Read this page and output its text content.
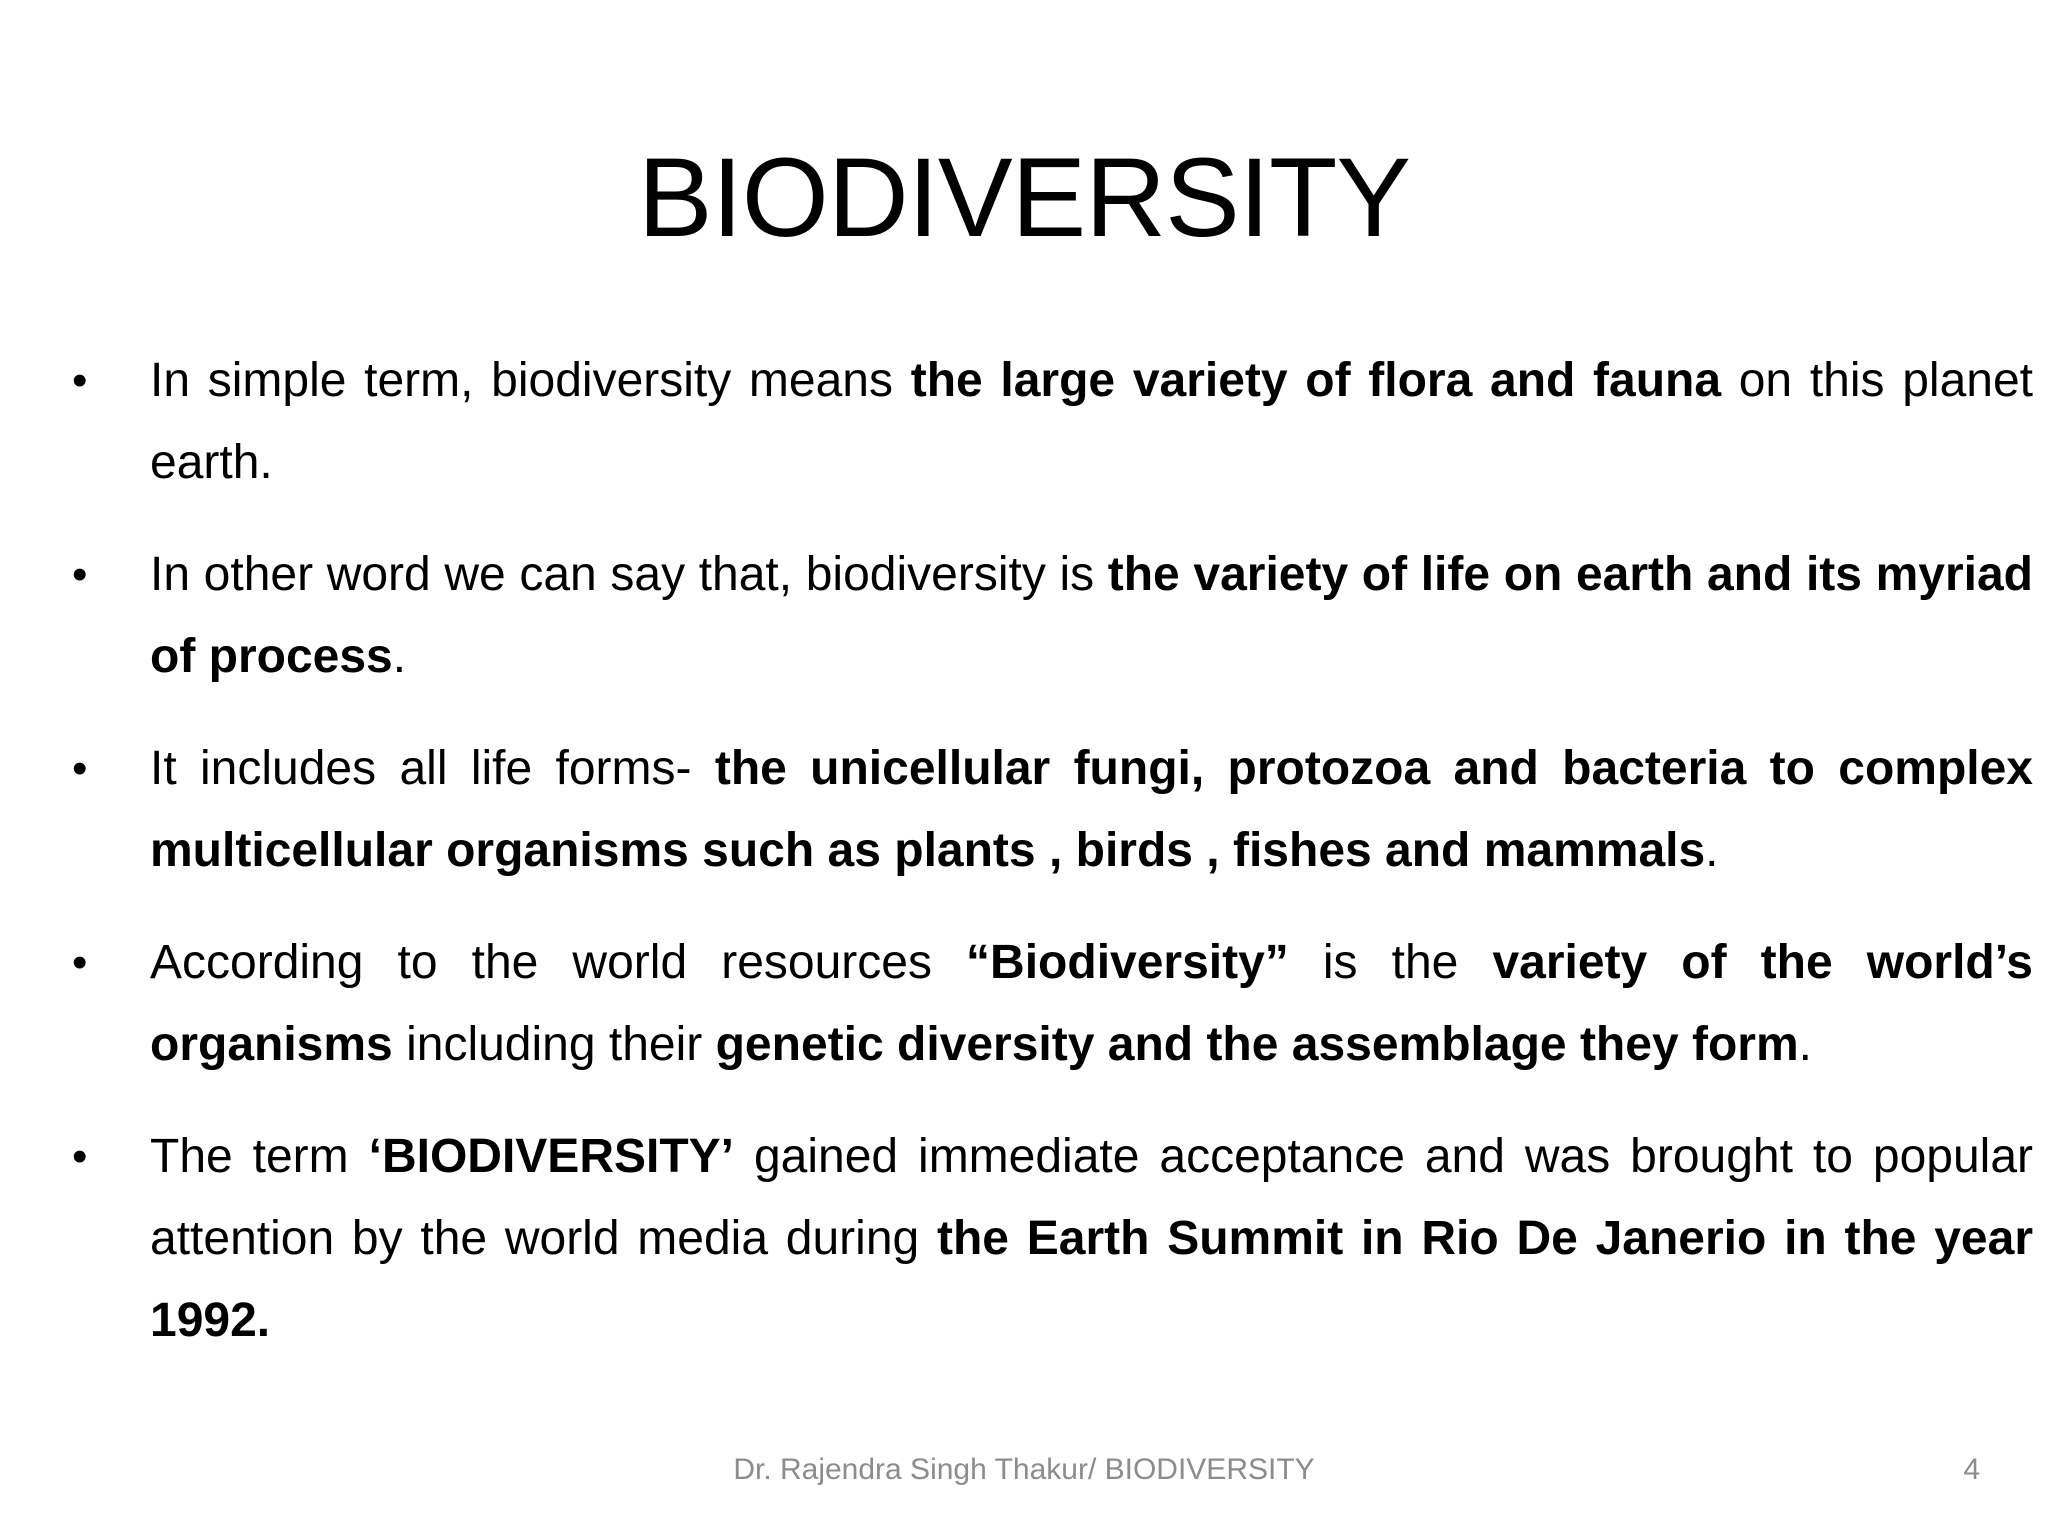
BIODIVERSITY
• In simple term, biodiversity means the large variety of flora and fauna on this planet earth.
• In other word we can say that, biodiversity is the variety of life on earth and its myriad of process.
• It includes all life forms- the unicellular fungi, protozoa and bacteria to complex multicellular organisms such as plants , birds , fishes and mammals.
• According to the world resources “Biodiversity” is the variety of the world’s organisms including their genetic diversity and the assemblage they form.
• The term ‘BIODIVERSITY’ gained immediate acceptance and was brought to popular attention by the world media during the Earth Summit in Rio De Janerio in the year 1992.
Dr. Rajendra Singh Thakur/ BIODIVERSITY	4
